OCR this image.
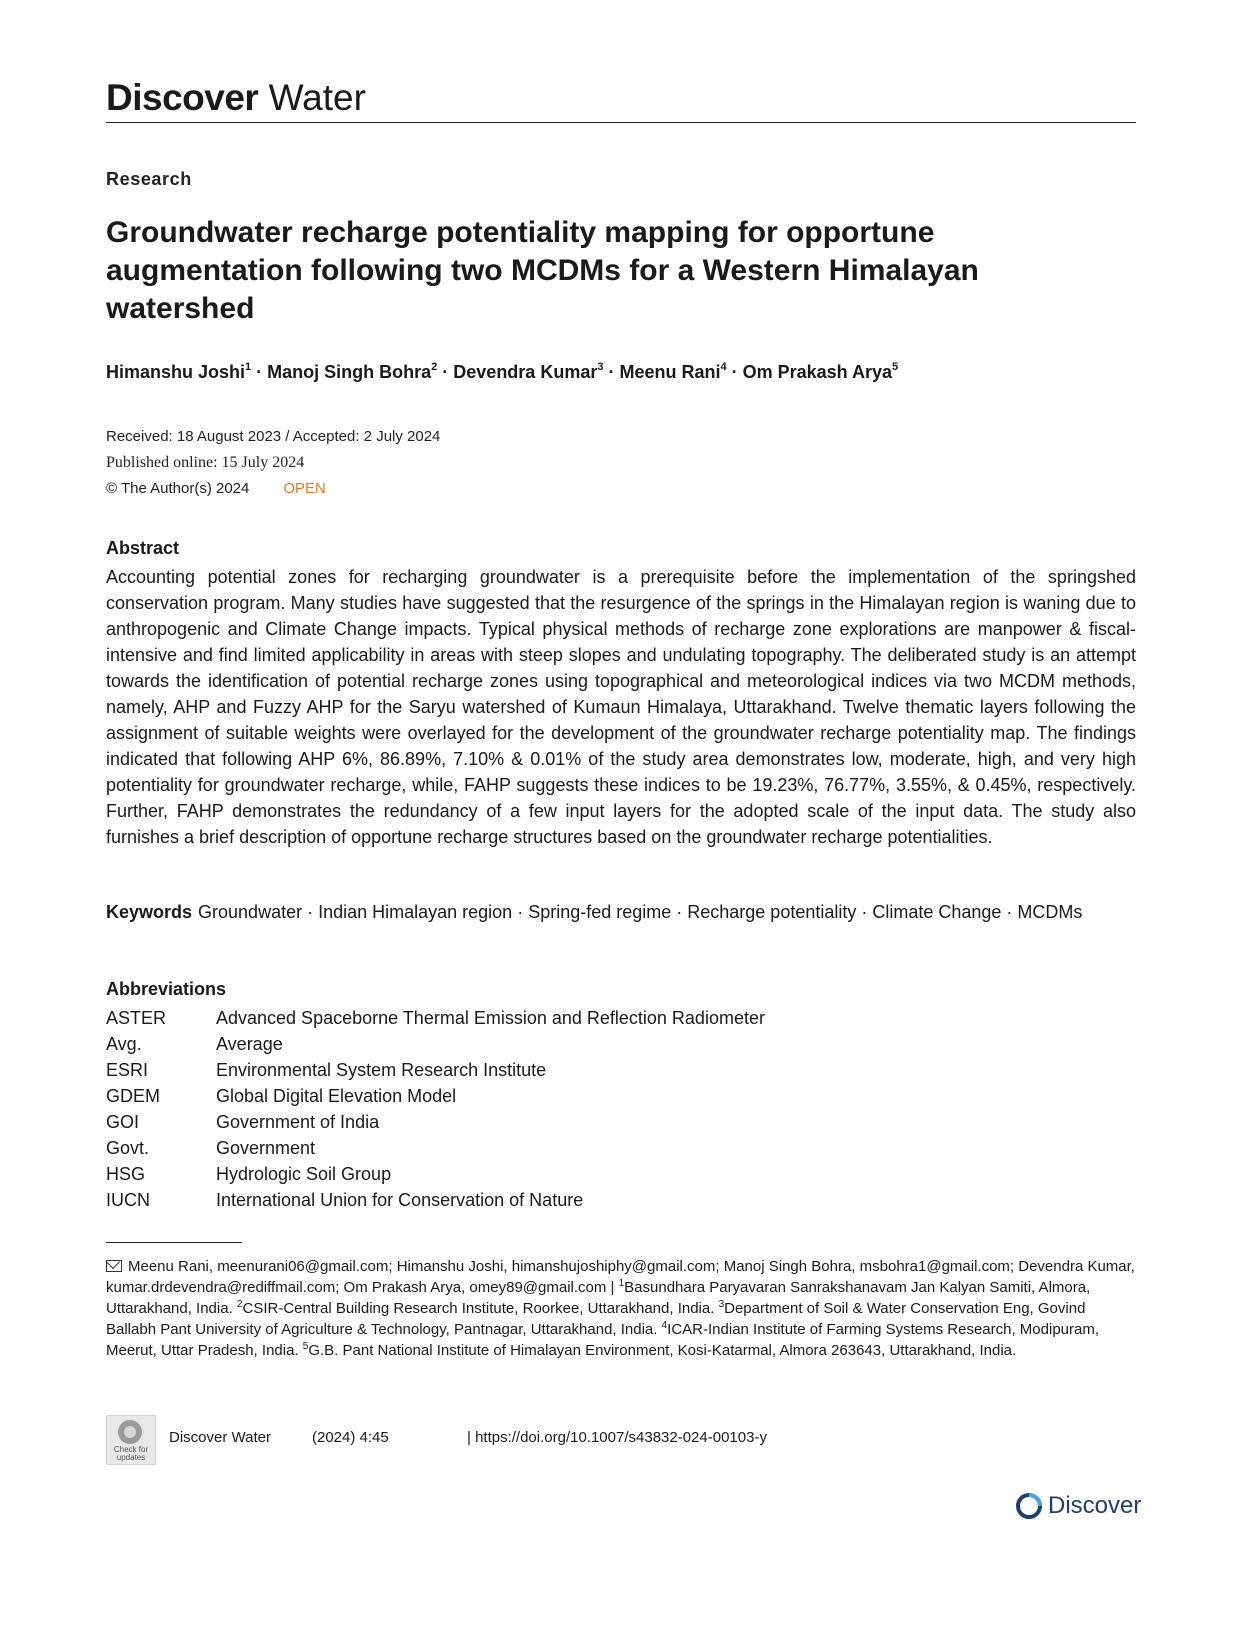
Discover Water
Research
Groundwater recharge potentiality mapping for opportune augmentation following two MCDMs for a Western Himalayan watershed
Himanshu Joshi$^1$ · Manoj Singh Bohra$^2$ · Devendra Kumar$^3$ · Meenu Rani$^4$ · Om Prakash Arya$^5$
Received: 18 August 2023 / Accepted: 2 July 2024
Published online: 15 July 2024
© The Author(s) 2024 OPEN
Abstract

Accounting potential zones for recharging groundwater is a prerequisite before the implementation of the springshed conservation program. Many studies have suggested that the resurgence of the springs in the Himalayan region is waning due to anthropogenic and Climate Change impacts. Typical physical methods of recharge zone explorations are manpower & fiscal-intensive and find limited applicability in areas with steep slopes and undulating topography. The deliberated study is an attempt towards the identification of potential recharge zones using topographical and meteorological indices via two MCDM methods, namely, AHP and Fuzzy AHP for the Saryu watershed of Kumaun Himalaya, Uttarakhand. Twelve thematic layers following the assignment of suitable weights were overlayed for the development of the groundwater recharge potentiality map. The findings indicated that following AHP 6%, 86.89%, 7.10% & 0.01% of the study area demonstrates low, moderate, high, and very high potentiality for groundwater recharge, while, FAHP suggests these indices to be 19.23%, 76.77%, 3.55%, & 0.45%, respectively. Further, FAHP demonstrates the redundancy of a few input layers for the adopted scale of the input data. The study also furnishes a brief description of opportune recharge structures based on the groundwater recharge potentialities.

Keywords Groundwater · Indian Himalayan region · Spring-fed regime · Recharge potentiality · Climate Change · MCDMs
Abbreviations
ASTER	Advanced Spaceborne Thermal Emission and Reflection Radiometer
Avg.	Average
ESRI	Environmental System Research Institute
GDEM	Global Digital Elevation Model
GOI	Government of India
Govt.	Government
HSG	Hydrologic Soil Group
IUCN	International Union for Conservation of Nature

Meenu Rani, meenurani06@gmail.com; Himanshu Joshi, himanshujoshiphy@gmail.com; Manoj Singh Bohra, msbohra1@gmail.com; Devendra Kumar, kumar.drdevendra@rediffmail.com; Om Prakash Arya, omey89@gmail.com | $^1$Basundhara Paryavaran Sanrakshanavam Jan Kalyan Samiti, Almora, Uttarakhand, India. $^2$CSIR-Central Building Research Institute, Roorkee, Uttarakhand, India. $^3$Department of Soil & Water Conservation Eng, Govind Ballabh Pant University of Agriculture & Technology, Pantnagar, Uttarakhand, India. $^4$ICAR-Indian Institute of Farming Systems Research, Modipuram, Meerut, Uttar Pradesh, India. $^5$G.B. Pant National Institute of Himalayan Environment, Kosi-Katarmal, Almora 263643, Uttarakhand, India.

Check for updates
Discover Water	(2024) 4:45	| https://doi.org/10.1007/s43832-024-00103-y
Discover
